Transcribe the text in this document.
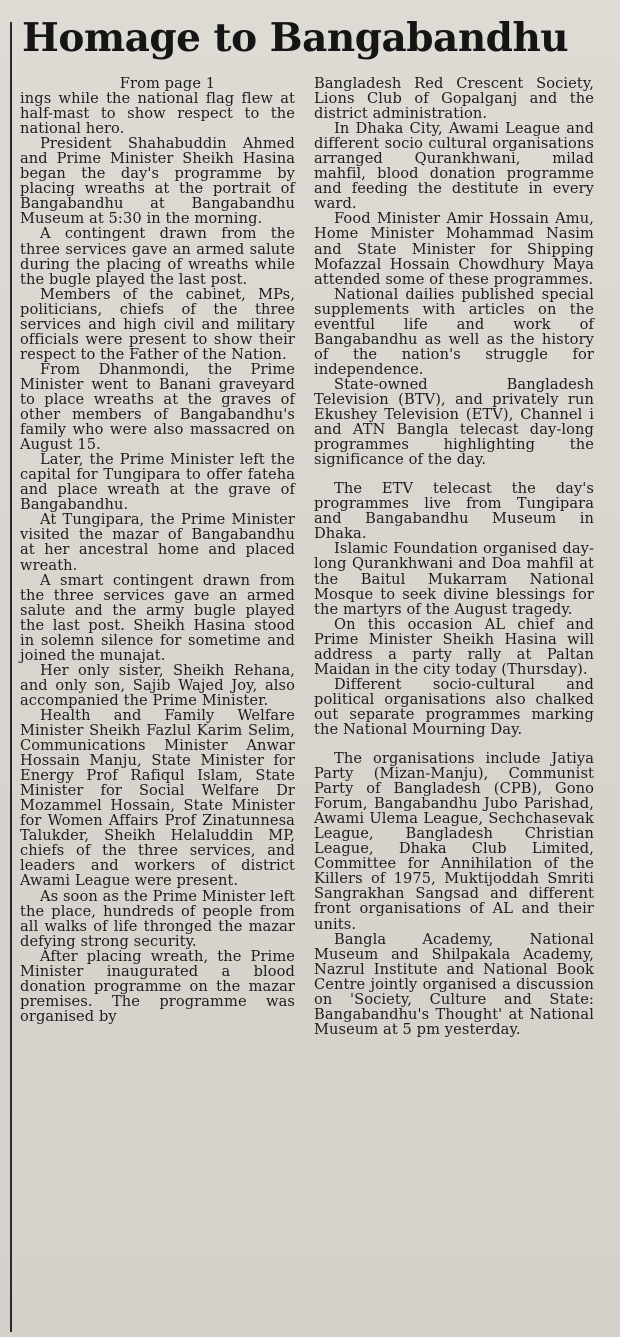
Homage to Bangabandhu

From page 1

ings while the national flag flew at half-mast to show respect to the national hero.

President Shahabuddin Ahmed and Prime Minister Sheikh Hasina began the day's programme by placing wreaths at the portrait of Bangabandhu at Bangabandhu Museum at 5:30 in the morning.

A contingent drawn from the three services gave an armed salute during the placing of wreaths while the bugle played the last post.

Members of the cabinet, MPs, politicians, chiefs of the three services and high civil and military officials were present to show their respect to the Father of the Nation.

From Dhanmondi, the Prime Minister went to Banani graveyard to place wreaths at the graves of other members of Bangabandhu's family who were also massacred on August 15.

Later, the Prime Minister left the capital for Tungipara to offer fateha and place wreath at the grave of Bangabandhu.

At Tungipara, the Prime Minister visited the mazar of Bangabandhu at her ancestral home and placed wreath.

A smart contingent drawn from the three services gave an armed salute and the army bugle played the last post. Sheikh Hasina stood in solemn silence for sometime and joined the munajat.

Her only sister, Sheikh Rehana, and only son, Sajib Wajed Joy, also accompanied the Prime Minister.

Health and Family Welfare Minister Sheikh Fazlul Karim Selim, Communications Minister Anwar Hossain Manju, State Minister for Energy Prof Rafiqul Islam, State Minister for Social Welfare Dr Mozammel Hossain, State Minister for Women Affairs Prof Zinatunnesa Talukder, Sheikh Helaluddin MP, chiefs of the three services, and leaders and workers of district Awami League were present.

As soon as the Prime Minister left the place, hundreds of people from all walks of life thronged the mazar defying strong security.

After placing wreath, the Prime Minister inaugurated a blood donation programme on the mazar premises. The programme was organised by

Bangladesh Red Crescent Society, Lions Club of Gopalganj and the district administration.

In Dhaka City, Awami League and different socio cultural organisations arranged Qurankhwani, milad mahfil, blood donation programme and feeding the destitute in every ward.

Food Minister Amir Hossain Amu, Home Minister Mohammad Nasim and State Minister for Shipping Mofazzal Hossain Chowdhury Maya attended some of these programmes.

National dailies published special supplements with articles on the eventful life and work of Bangabandhu as well as the history of the nation's struggle for independence.

State-owned Bangladesh Television (BTV), and privately run Ekushey Television (ETV), Channel i and ATN Bangla telecast day-long programmes highlighting the significance of the day.

The ETV telecast the day's programmes live from Tungipara and Bangabandhu Museum in Dhaka.

Islamic Foundation organised day-long Qurankhwani and Doa mahfil at the Baitul Mukarram National Mosque to seek divine blessings for the martyrs of the August tragedy.

On this occasion AL chief and Prime Minister Sheikh Hasina will address a party rally at Paltan Maidan in the city today (Thursday).

Different socio-cultural and political organisations also chalked out separate programmes marking the National Mourning Day.

The organisations include Jatiya Party (Mizan-Manju), Communist Party of Bangladesh (CPB), Gono Forum, Bangabandhu Jubo Parishad, Awami Ulema League, Sechchasevak League, Bangladesh Christian League, Dhaka Club Limited, Committee for Annihilation of the Killers of 1975, Muktijoddah Smriti Sangrakhan Sangsad and different front organisations of AL and their units.

Bangla Academy, National Museum and Shilpakala Academy, Nazrul Institute and National Book Centre jointly organised a discussion on 'Society, Culture and State: Bangabandhu's Thought' at National Museum at 5 pm yesterday.
